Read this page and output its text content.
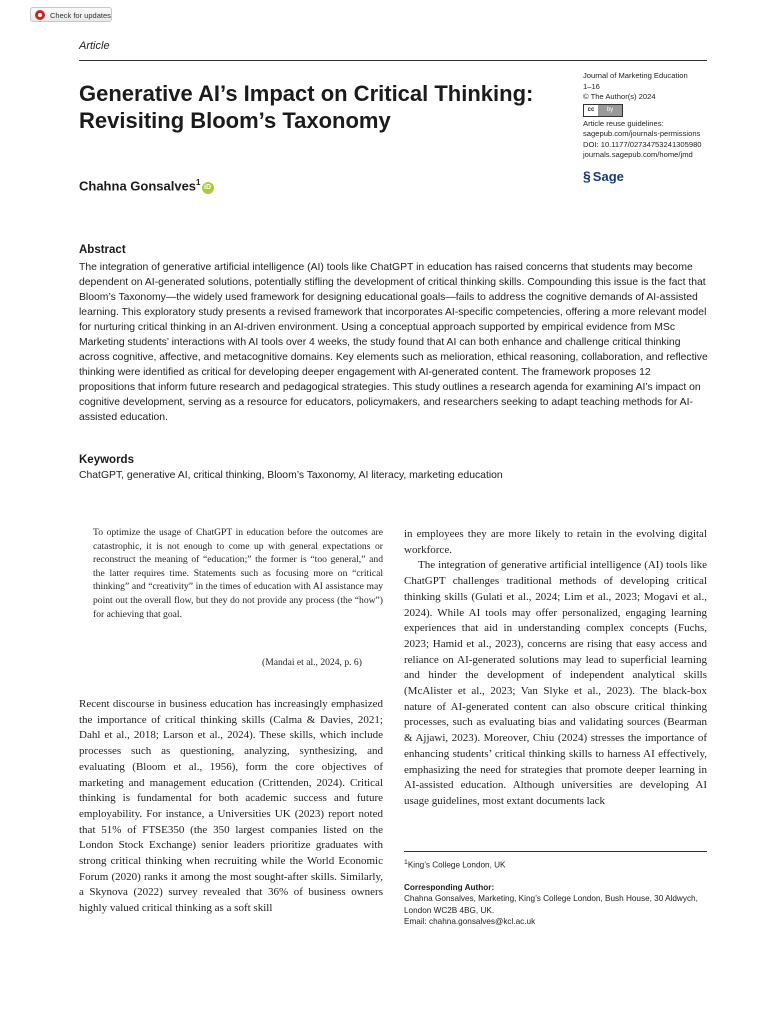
Check for updates
Article
Generative AI’s Impact on Critical Thinking: Revisiting Bloom’s Taxonomy
Chahna Gonsalves$^1$iD
Journal of Marketing Education
1–16
© The Author(s) 2024
cc	by
Article reuse guidelines:
sagepub.com/journals-permissions
DOI: 10.1177/02734753241305980
journals.sagepub.com/home/jmd
§ Sage
Abstract
The integration of generative artificial intelligence (AI) tools like ChatGPT in education has raised concerns that students may become dependent on AI-generated solutions, potentially stifling the development of critical thinking skills. Compounding this issue is the fact that Bloom’s Taxonomy—the widely used framework for designing educational goals—fails to address the cognitive demands of AI-assisted learning. This exploratory study presents a revised framework that incorporates AI-specific competencies, offering a more relevant model for nurturing critical thinking in an AI-driven environment. Using a conceptual approach supported by empirical evidence from MSc Marketing students’ interactions with AI tools over 4 weeks, the study found that AI can both enhance and challenge critical thinking across cognitive, affective, and metacognitive domains. Key elements such as melioration, ethical reasoning, collaboration, and reflective thinking were identified as critical for developing deeper engagement with AI-generated content. The framework proposes 12 propositions that inform future research and pedagogical strategies. This study outlines a research agenda for examining AI’s impact on cognitive development, serving as a resource for educators, policymakers, and researchers seeking to adapt teaching methods for AI-assisted education.
Keywords
ChatGPT, generative AI, critical thinking, Bloom’s Taxonomy, AI literacy, marketing education
To optimize the usage of ChatGPT in education before the outcomes are catastrophic, it is not enough to come up with general expectations or reconstruct the meaning of “education;” the former is “too general,” and the latter requires time. Statements such as focusing more on “critical thinking” and “creativity” in the times of education with AI assistance may point out the overall flow, but they do not provide any process (the “how”) for achieving that goal.
(Mandai et al., 2024, p. 6)
Recent discourse in business education has increasingly emphasized the importance of critical thinking skills (Calma & Davies, 2021; Dahl et al., 2018; Larson et al., 2024). These skills, which include processes such as questioning, analyzing, synthesizing, and evaluating (Bloom et al., 1956), form the core objectives of marketing and management education (Crittenden, 2024). Critical thinking is fundamental for both academic success and future employability. For instance, a Universities UK (2023) report noted that 51% of FTSE350 (the 350 largest companies listed on the London Stock Exchange) senior leaders prioritize graduates with strong critical thinking when recruiting while the World Economic Forum (2020) ranks it among the most sought-after skills. Similarly, a Skynova (2022) survey revealed that 36% of business owners highly valued critical thinking as a soft skill

in employees they are more likely to retain in the evolving digital workforce.

The integration of generative artificial intelligence (AI) tools like ChatGPT challenges traditional methods of developing critical thinking skills (Gulati et al., 2024; Lim et al., 2023; Mogavi et al., 2024). While AI tools may offer personalized, engaging learning experiences that aid in understanding complex concepts (Fuchs, 2023; Hamid et al., 2023), concerns are rising that easy access and reliance on AI-generated solutions may lead to superficial learning and hinder the development of independent analytical skills (McAlister et al., 2023; Van Slyke et al., 2023). The black-box nature of AI-generated content can also obscure critical thinking processes, such as evaluating bias and validating sources (Bearman & Ajjawi, 2023). Moreover, Chiu (2024) stresses the importance of enhancing students’ critical thinking skills to harness AI effectively, emphasizing the need for strategies that promote deeper learning in AI-assisted education. Although universities are developing AI usage guidelines, most extant documents lack

$^1$King’s College London, UK
Corresponding Author:
Chahna Gonsalves, Marketing, King’s College London, Bush House, 30 Aldwych, London WC2B 4BG, UK.
Email: chahna.gonsalves@kcl.ac.uk
